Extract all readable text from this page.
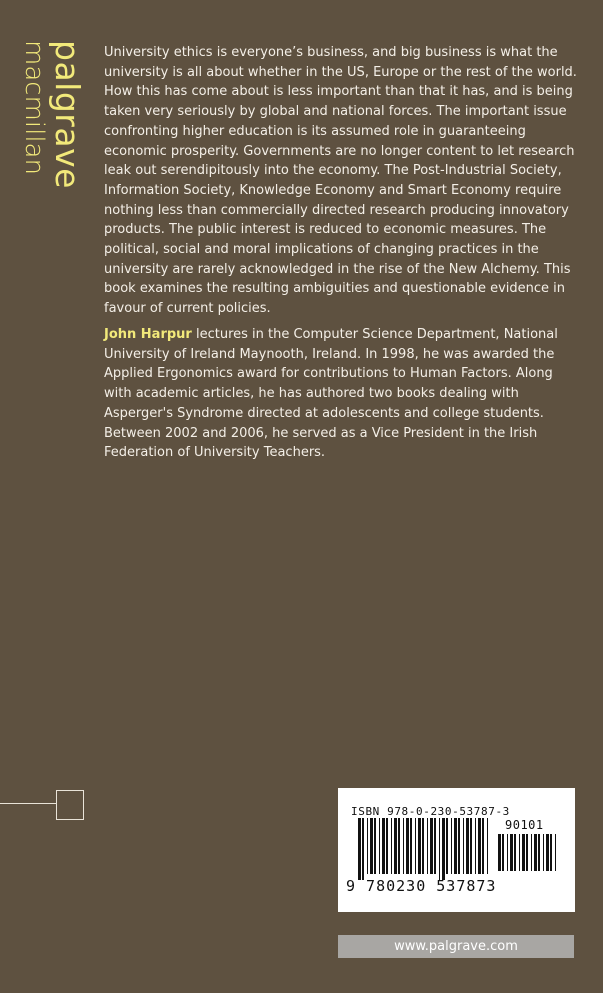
palgrave
macmillan	University ethics is everyone’s business, and big business is what the university is all about whether in the US, Europe or the rest of the world. How this has come about is less important than that it has, and is being taken very seriously by global and national forces. The important issue confronting higher education is its assumed role in guaranteeing economic prosperity. Governments are no longer content to let research leak out serendipitously into the economy. The Post-Industrial Society, Information Society, Knowledge Economy and Smart Economy require nothing less than commercially directed research producing innovatory products. The public interest is reduced to economic measures. The political, social and moral implications of changing practices in the university are rarely acknowledged in the rise of the New Alchemy. This book examines the resulting ambiguities and questionable evidence in favour of current policies.

John Harpur lectures in the Computer Science Department, National University of Ireland Maynooth, Ireland. In 1998, he was awarded the Applied Ergonomics award for contributions to Human Factors. Along with academic articles, he has authored two books dealing with Asperger's Syndrome directed at adolescents and college students. Between 2002 and 2006, he served as a Vice President in the Irish Federation of University Teachers.

ISBN 978-0-230-53787-3
90101
9 780230 537873
www.palgrave.com
